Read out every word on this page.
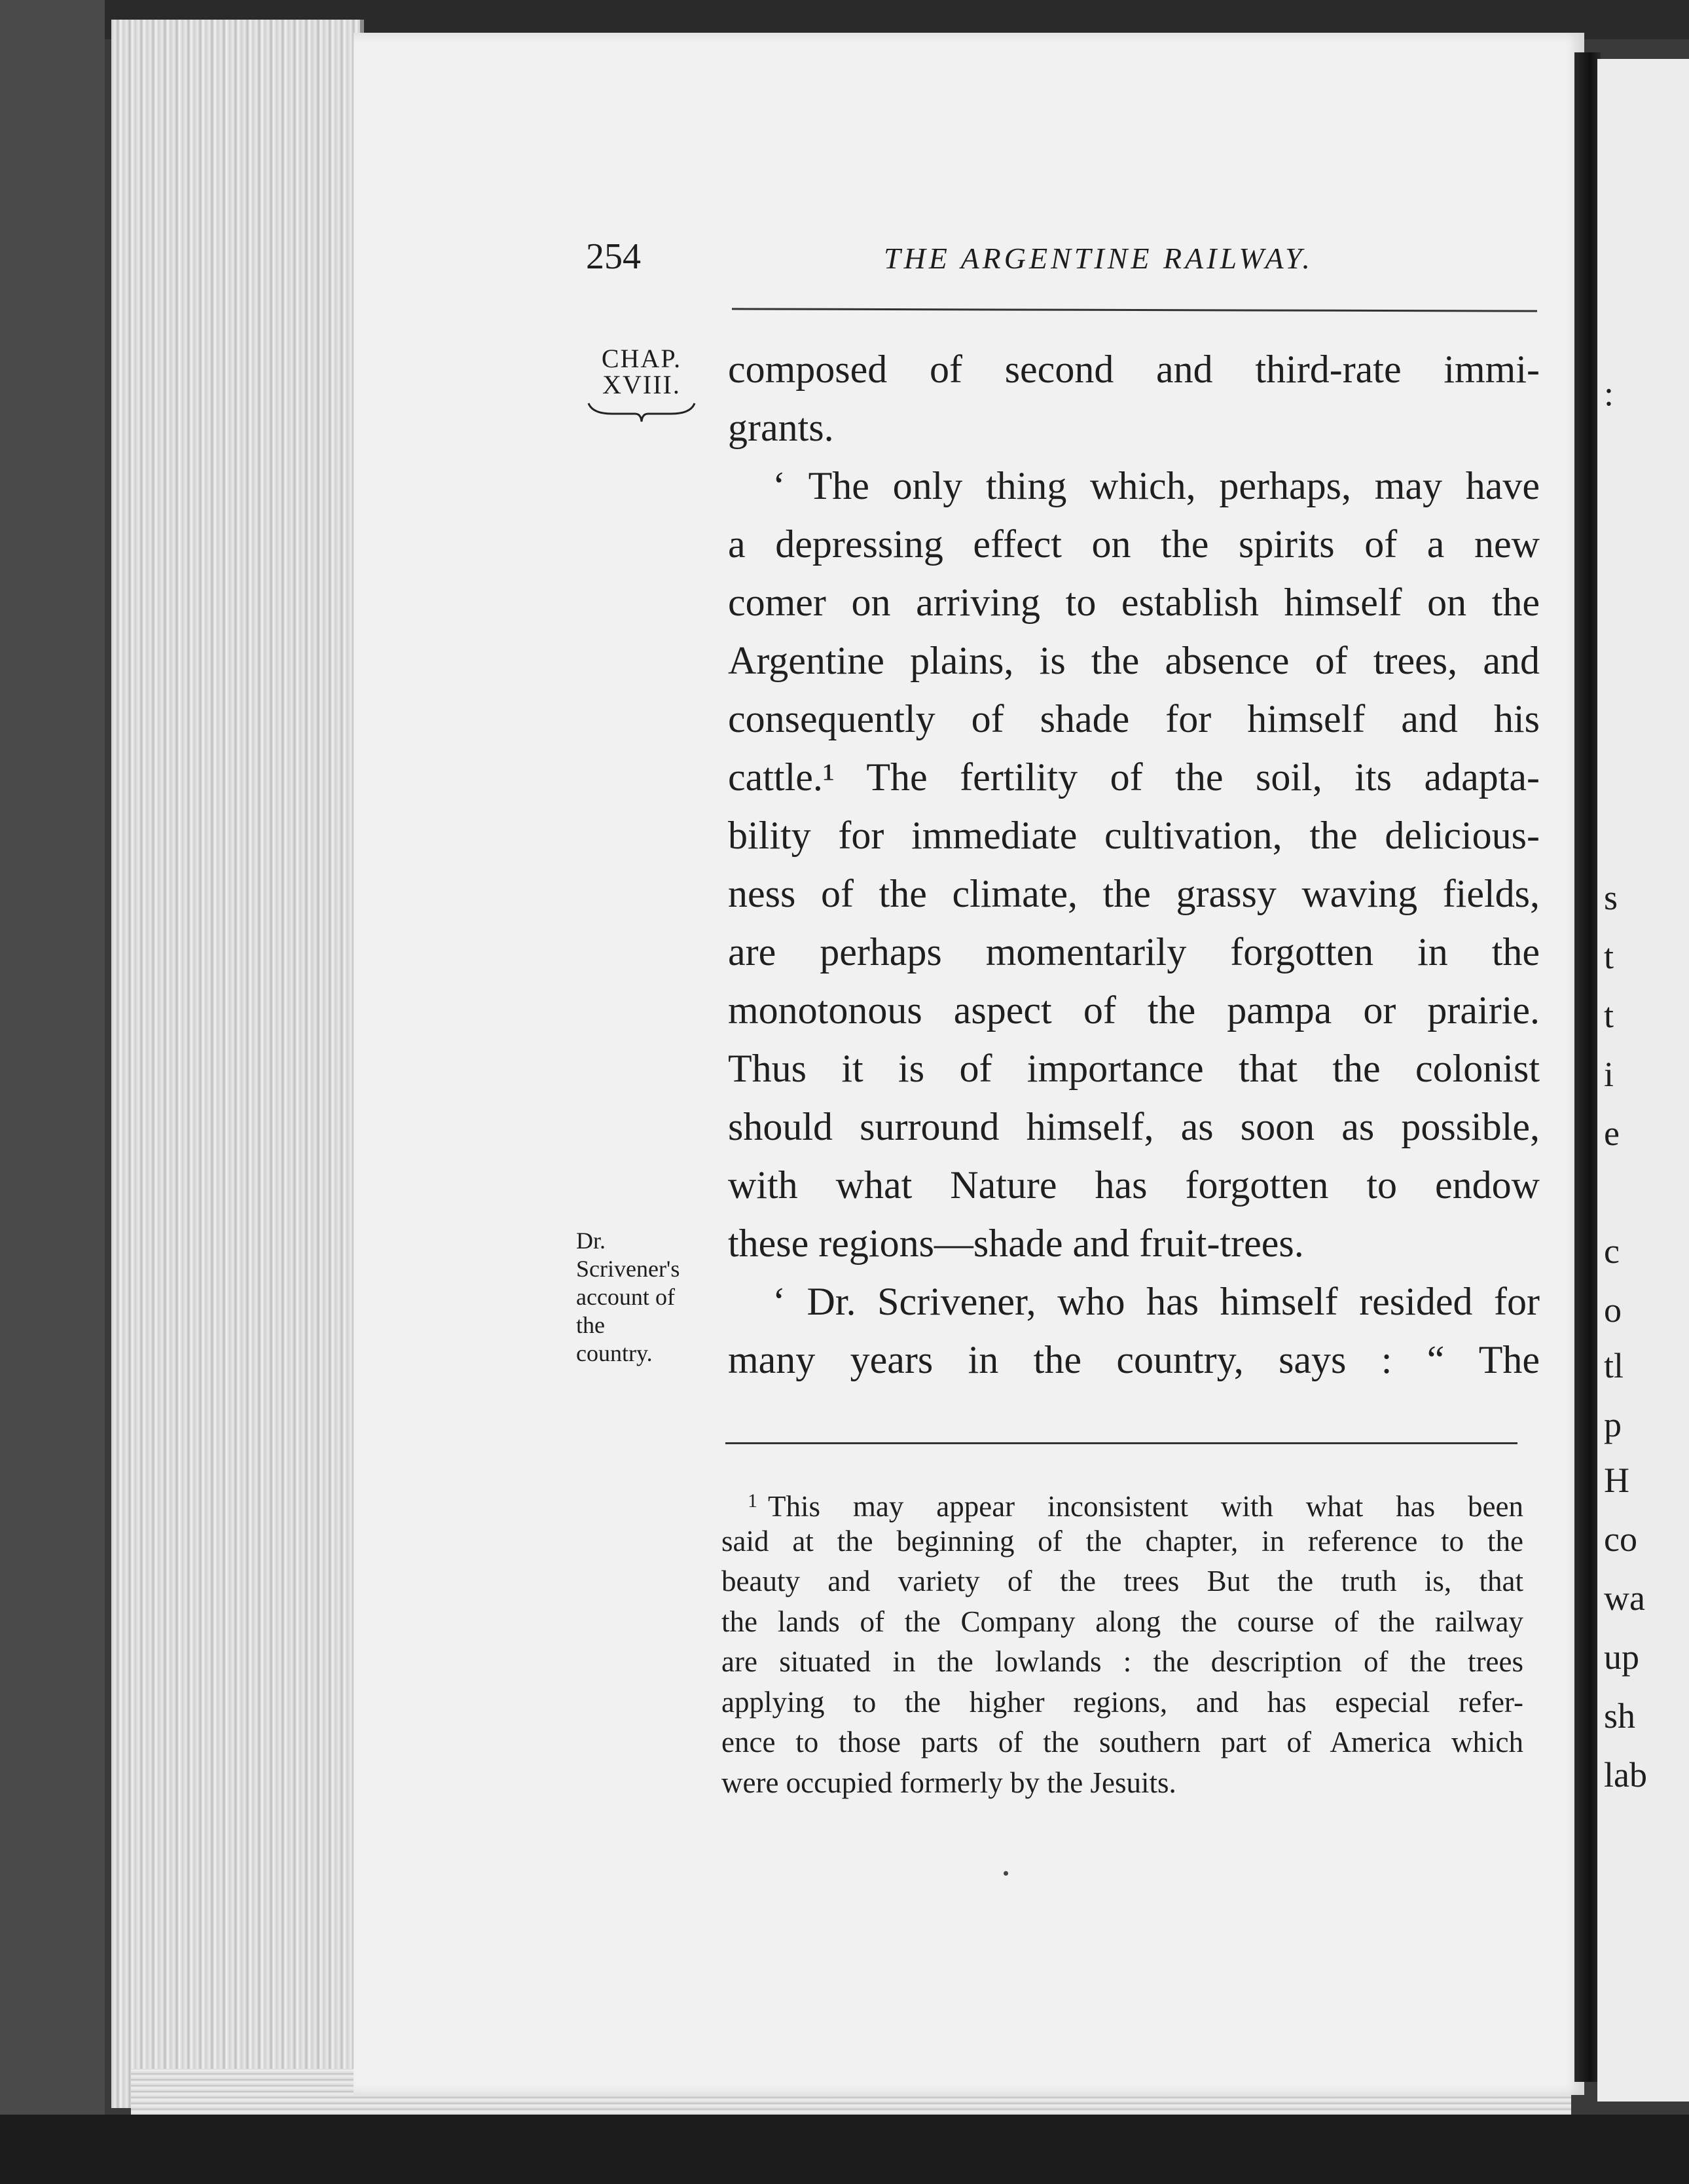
:
s
t
t
i
e
c
o
tl
p
H
co
wa
up
sh
lab
254	THE ARGENTINE RAILWAY.
CHAP.
XVIII. composed of second and third-rate immi-
grants.
‘ The only thing which, perhaps, may have
a depressing effect on the spirits of a new
comer on arriving to establish himself on the
Argentine plains, is the absence of trees, and
consequently of shade for himself and his
cattle.¹ The fertility of the soil, its adapta-
bility for immediate cultivation, the delicious-
ness of the climate, the grassy waving fields,
are perhaps momentarily forgotten in the
monotonous aspect of the pampa or prairie.
Thus it is of importance that the colonist
should surround himself, as soon as possible,
with what Nature has forgotten to endow
these regions—shade and fruit-trees.
‘ Dr. Scrivener, who has himself resided for
many years in the country, says : “ The
Dr.
Scrivener's
account of
the
country.
$^1$ This may appear inconsistent with what has been
said at the beginning of the chapter, in reference to the
beauty and variety of the trees But the truth is, that
the lands of the Company along the course of the railway
are situated in the lowlands : the description of the trees
applying to the higher regions, and has especial refer-
ence to those parts of the southern part of America which
were occupied formerly by the Jesuits.
